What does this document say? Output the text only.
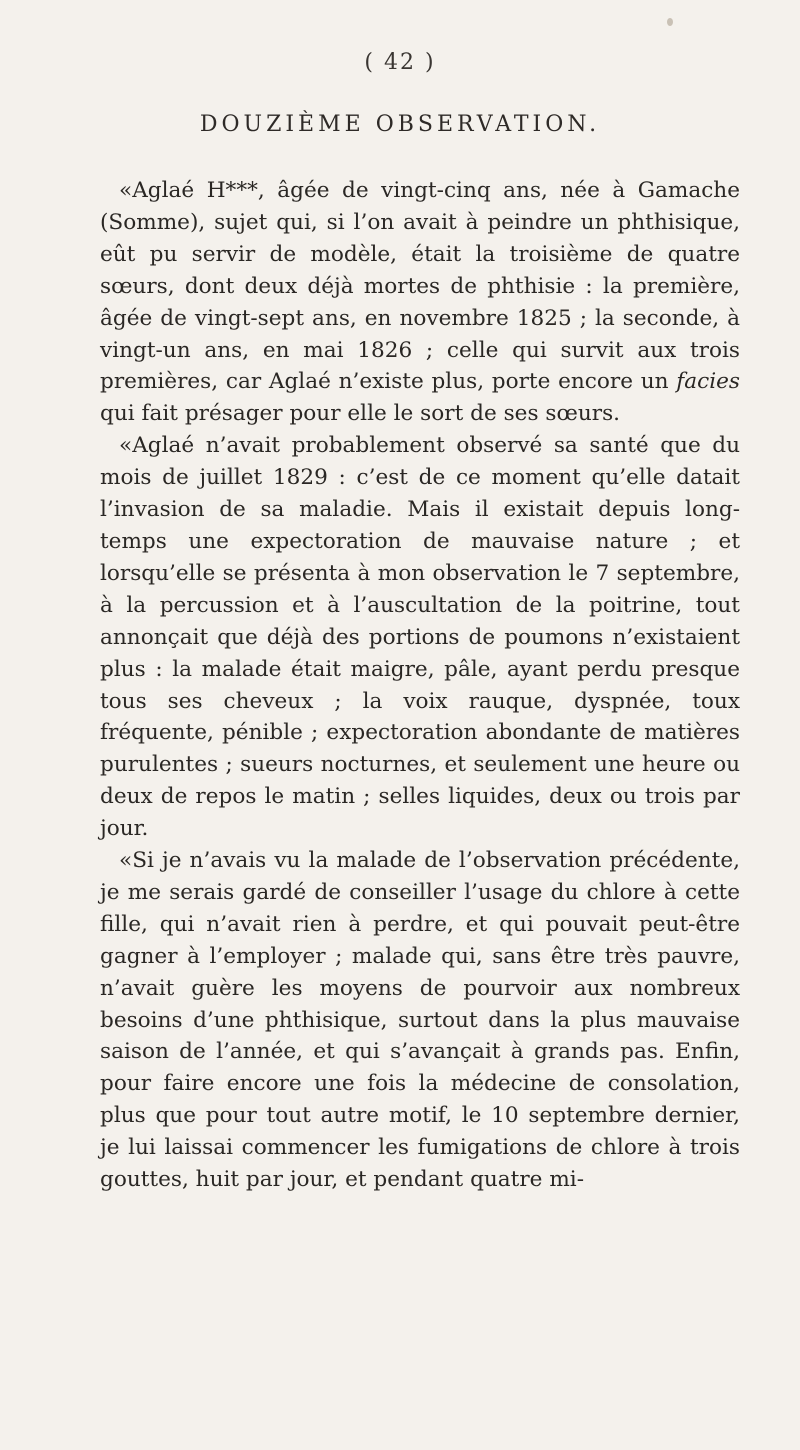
( 42 )
DOUZIÈME OBSERVATION.

«Aglaé H***, âgée de vingt-cinq ans, née à Gamache (Somme), sujet qui, si l’on avait à peindre un phthisique, eût pu servir de modèle, était la troisième de quatre sœurs, dont deux déjà mortes de phthisie : la première, âgée de vingt-sept ans, en novembre 1825 ; la seconde, à vingt-un ans, en mai 1826 ; celle qui survit aux trois premières, car Aglaé n’existe plus, porte encore un facies qui fait présager pour elle le sort de ses sœurs.

«Aglaé n’avait probablement observé sa santé que du mois de juillet 1829 : c’est de ce moment qu’elle datait l’invasion de sa maladie. Mais il existait depuis long-temps une expectoration de mauvaise nature ; et lorsqu’elle se présenta à mon observation le 7 septembre, à la percussion et à l’auscultation de la poitrine, tout annonçait que déjà des portions de poumons n’existaient plus : la malade était maigre, pâle, ayant perdu presque tous ses cheveux ; la voix rauque, dyspnée, toux fréquente, pénible ; expectoration abondante de matières purulentes ; sueurs nocturnes, et seulement une heure ou deux de repos le matin ; selles liquides, deux ou trois par jour.

«Si je n’avais vu la malade de l’observation précédente, je me serais gardé de conseiller l’usage du chlore à cette fille, qui n’avait rien à perdre, et qui pouvait peut-être gagner à l’employer ; malade qui, sans être très pauvre, n’avait guère les moyens de pourvoir aux nombreux besoins d’une phthisique, surtout dans la plus mauvaise saison de l’année, et qui s’avançait à grands pas. Enfin, pour faire encore une fois la médecine de consolation, plus que pour tout autre motif, le 10 septembre dernier, je lui laissai commencer les fumigations de chlore à trois gouttes, huit par jour, et pendant quatre mi-
